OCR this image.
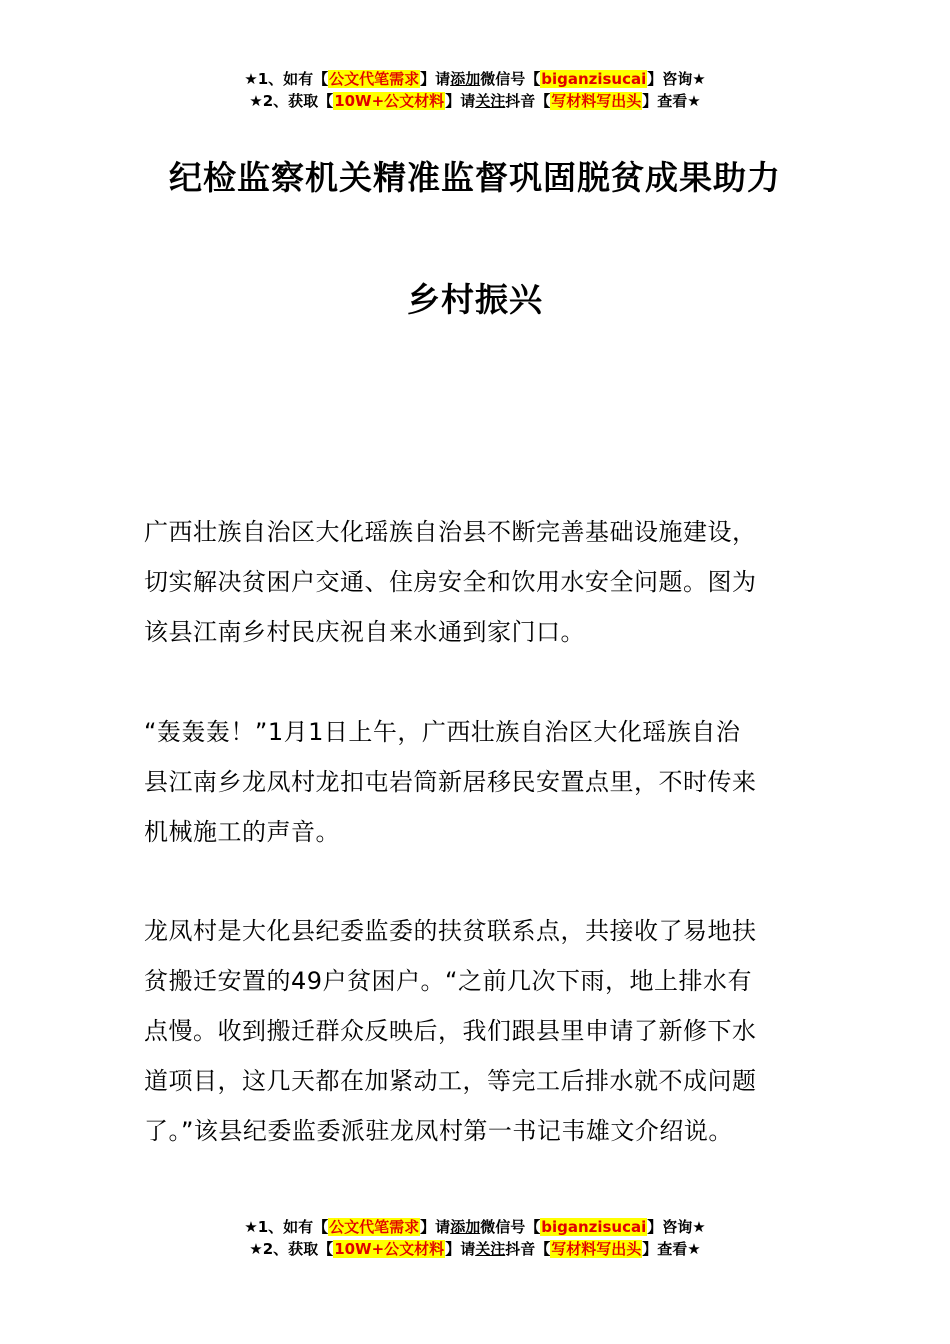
★1、如有【公文代笔需求】请添加微信号【biganzisucai】咨询★
★2、获取【10W+公文材料】请关注抖音【写材料写出头】查看★
纪检监察机关精准监督巩固脱贫成果助力
乡村振兴
广西壮族自治区大化瑶族自治县不断完善基础设施建设，
切实解决贫困户交通、住房安全和饮用水安全问题。图为
该县江南乡村民庆祝自来水通到家门口。
“轰轰轰！”1月1日上午，广西壮族自治区大化瑶族自治
县江南乡龙凤村龙扣屯岩筒新居移民安置点里，不时传来
机械施工的声音。
龙凤村是大化县纪委监委的扶贫联系点，共接收了易地扶
贫搬迁安置的49户贫困户。“之前几次下雨，地上排水有
点慢。收到搬迁群众反映后，我们跟县里申请了新修下水
道项目，这几天都在加紧动工，等完工后排水就不成问题
了。”该县纪委监委派驻龙凤村第一书记韦雄文介绍说。
★1、如有【公文代笔需求】请添加微信号【biganzisucai】咨询★
★2、获取【10W+公文材料】请关注抖音【写材料写出头】查看★
